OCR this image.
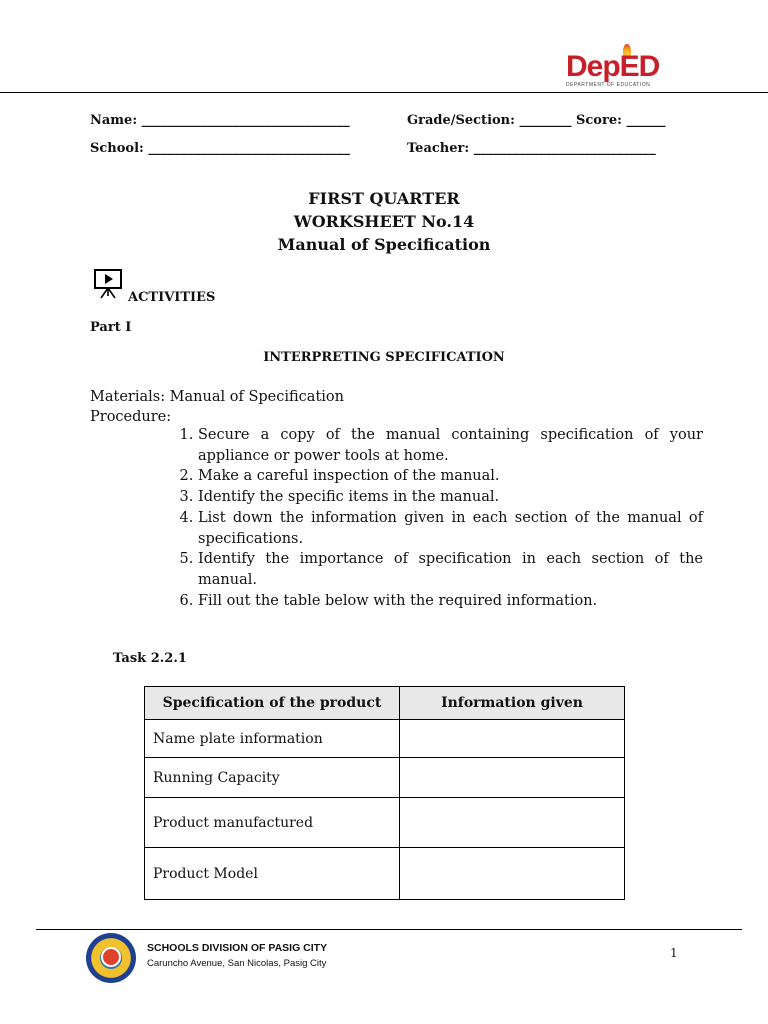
DepED
DEPARTMENT OF EDUCATION
Name: ________________________________	Grade/Section: ________ Score: ______
School: _______________________________	Teacher: ____________________________
FIRST QUARTER
WORKSHEET No.14
Manual of Specification
ACTIVITIES
Part I
INTERPRETING SPECIFICATION
Materials: Manual of Specification
Procedure:
1. Secure a copy of the manual containing specification of your appliance or power tools at home.
2. Make a careful inspection of the manual.
3. Identify the specific items in the manual.
4. List down the information given in each section of the manual of specifications.
5. Identify the importance of specification in each section of the manual.
6. Fill out the table below with the required information.
Task 2.2.1
Specification of the product	Information given
Name plate information	
Running Capacity	
Product manufactured	
Product Model	
SCHOOLS DIVISION OF PASIG CITY
Caruncho Avenue, San Nicolas, Pasig City
1
